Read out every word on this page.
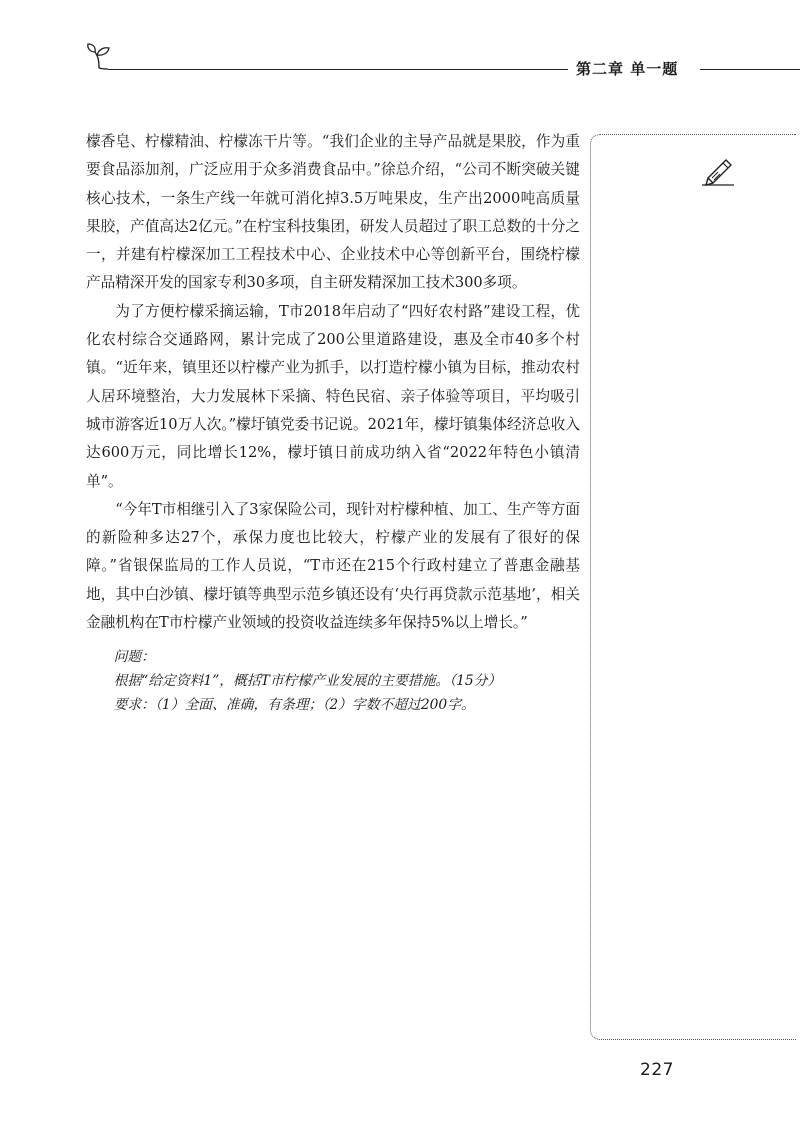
第二章 单一题

檬香皂、柠檬精油、柠檬冻干片等。“我们企业的主导产品就是果胶，作为重要食品添加剂，广泛应用于众多消费食品中。”徐总介绍，“公司不断突破关键核心技术，一条生产线一年就可消化掉3.5万吨果皮，生产出2000吨高质量果胶，产值高达2亿元。”在柠宝科技集团，研发人员超过了职工总数的十分之一，并建有柠檬深加工工程技术中心、企业技术中心等创新平台，围绕柠檬产品精深开发的国家专利30多项，自主研发精深加工技术300多项。

为了方便柠檬采摘运输，T市2018年启动了“四好农村路”建设工程，优化农村综合交通路网，累计完成了200公里道路建设，惠及全市40多个村镇。“近年来，镇里还以柠檬产业为抓手，以打造柠檬小镇为目标，推动农村人居环境整治，大力发展林下采摘、特色民宿、亲子体验等项目，平均吸引城市游客近10万人次。”檬圩镇党委书记说。2021年，檬圩镇集体经济总收入达600万元，同比增长12%，檬圩镇日前成功纳入省“2022年特色小镇清单”。

“今年T市相继引入了3家保险公司，现针对柠檬种植、加工、生产等方面的新险种多达27个，承保力度也比较大，柠檬产业的发展有了很好的保障。”省银保监局的工作人员说，“T市还在215个行政村建立了普惠金融基地，其中白沙镇、檬圩镇等典型示范乡镇还设有‘央行再贷款示范基地’，相关金融机构在T市柠檬产业领域的投资收益连续多年保持5%以上增长。”

问题：

根据“给定资料1”，概括T市柠檬产业发展的主要措施。（15分）

要求：（1）全面、准确，有条理；（2）字数不超过200字。

227
